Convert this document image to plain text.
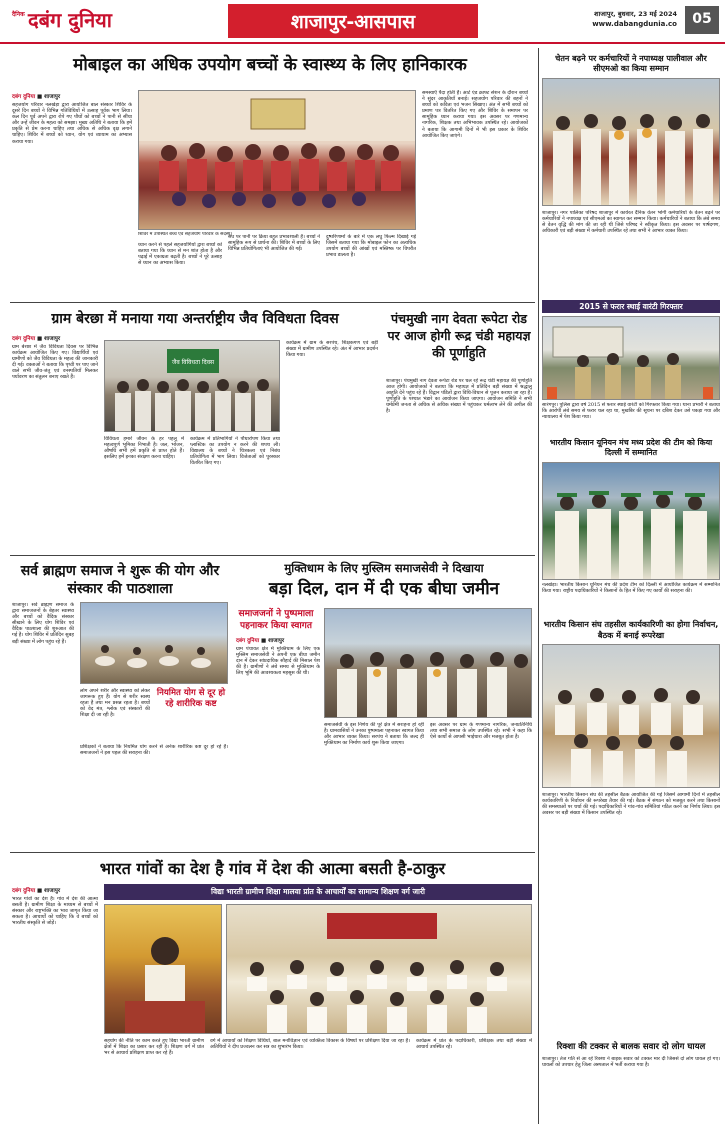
दैनिक दबंग दुनिया	शाजापुर-आसपास	शाजापुर, बुधवार, 23 मई 2024
www.dabangdunia.co	05
मोबाइल का अधिक उपयोग बच्चों के स्वास्थ्य के लिए हानिकारक
दबंग दुनिया ■ शाजापुर
सहजयोग परिवार नलखेड़ा द्वारा आयोजित बाल संस्कार शिविर के दूसरे दिन बच्चों ने विभिन्न गतिविधियों में उत्साह पूर्वक भाग लिया। कल दिन पूर्व अपने द्वारा रोपे गए पौधों को बच्चों ने पानी से सींचा और उन्हें जीवन के महत्व को समझा। मुख्य अतिथि ने बताया कि हमें प्रकृति से प्रेम करना चाहिए तथा अधिक से अधिक वृक्ष लगाने चाहिए। शिविर में बच्चों को ध्यान, योग एवं व्यायाम का अभ्यास कराया गया।
शिविर में उपस्थित बच्चे एवं सहजयोग परिवार के सदस्य।
ध्यान करने से पहले सहजयोगियों द्वारा बच्चों को बताया गया कि ध्यान से मन शांत होता है और पढ़ाई में एकाग्रता बढ़ती है। बच्चों ने पूरे उत्साह से ध्यान का अभ्यास किया।
संघ पर पानी पर क्रिया बहुत प्रभावशाली है। बच्चों ने सामूहिक रूप से प्रार्थना की। शिविर में बच्चों के लिए विभिन्न प्रतियोगिताएं भी आयोजित की गईं।
दुष्परिणामों के बारे में एक लघु फिल्म दिखाई गई जिसमें बताया गया कि मोबाइल फोन का अत्यधिक उपयोग बच्चों की आंखों एवं मस्तिष्क पर विपरीत प्रभाव डालता है।
समस्याएँ पैदा होती हैं। आर्ट एंड क्राफ्ट सेशन के दौरान बच्चों ने सुंदर आकृतियाँ बनाई। सहजयोग परिवार की बहनों ने बच्चों को कविता एवं भजन सिखाए। अंत में सभी बच्चों को प्रमाण पत्र वितरित किए गए और शिविर के समापन पर सामूहिक ध्यान कराया गया। इस अवसर पर गणमान्य नागरिक, शिक्षक तथा अभिभावक उपस्थित रहे। आयोजकों ने बताया कि आगामी दिनों में भी इस प्रकार के शिविर आयोजित किए जाएंगे।
ग्राम बेरछा में मनाया गया अन्तर्राष्ट्रीय जैव विविधता दिवस
दबंग दुनिया ■ शाजापुर
ग्राम बेरछा में जैव विविधता दिवस पर विभिन्न कार्यक्रम आयोजित किए गए। विद्यार्थियों एवं ग्रामीणों को जैव विविधता के महत्व की जानकारी दी गई। वक्ताओं ने बताया कि पृथ्वी पर पाए जाने वाले सभी जीव-जंतु एवं वनस्पतियाँ मिलकर पर्यावरण का संतुलन बनाए रखते हैं।
जैव विविधता दिवस
विविधता हमारे जीवन के हर पहलू में महत्वपूर्ण भूमिका निभाती है। जल, भोजन, औषधि सभी हमें प्रकृति से प्राप्त होते हैं। इसलिए हमें इनका संरक्षण करना चाहिए।
कार्यक्रम में प्रतिभागियों ने पौधारोपण किया तथा प्लास्टिक का उपयोग न करने की शपथ ली। विद्यालय के बच्चों ने चित्रकला एवं निबंध प्रतियोगिता में भाग लिया। विजेताओं को पुरस्कार वितरित किए गए।
कार्यक्रम में ग्राम के सरपंच, शिक्षकगण एवं बड़ी संख्या में ग्रामीण उपस्थित रहे। अंत में आभार प्रदर्शन किया गया।
पंचमुखी नाग देवता रूपेटा रोड पर आज होगी रूद्र चंडी महायज्ञ की पूर्णाहुति
शाजापुर। पंचमुखी नाग देवता रूपेटा रोड पर चल रहे रूद्र चंडी महायज्ञ की पूर्णाहुति आज होगी। आयोजकों ने बताया कि महायज्ञ में प्रतिदिन बड़ी संख्या में श्रद्धालु आहुति देने पहुंच रहे हैं। विद्वान पंडितों द्वारा विधि-विधान से पूजन कराया जा रहा है। पूर्णाहुति के पश्चात भंडारे का आयोजन किया जाएगा। आयोजन समिति ने सभी धर्मप्रेमी जनता से अधिक से अधिक संख्या में पहुंचकर धर्मलाभ लेने की अपील की है।
सर्व ब्राह्मण समाज ने शुरू की योग और संस्कार की पाठशाला
शाजापुर। सर्व ब्राह्मण समाज के द्वारा समाजजनों के बेहतर स्वास्थ्य और बच्चों को वैदिक संस्कार सीखाने के लिए योग शिविर एवं वैदिक पाठशाला की शुरुआत की गई है। योग शिविर में प्रतिदिन सुबह बड़ी संख्या में लोग पहुंच रहे हैं।
लोग अपने शरीर और स्वास्थ्य को लेकर जागरूक हुए हैं। योग से शरीर स्वस्थ रहता है तथा मन प्रसन्न रहता है। बच्चों को वेद मंत्र, श्लोक एवं संस्कारों की शिक्षा दी जा रही है।
नियमित योग से दूर हो रहे शारीरिक कष्ट
प्रशिक्षकों ने बताया कि नियमित योग करने से अनेक शारीरिक कष्ट दूर हो रहे हैं। समाजजनों ने इस पहल की सराहना की।
मुक्तिधाम के लिए मुस्लिम समाजसेवी ने दिखाया
बड़ा दिल, दान में दी एक बीघा जमीन
समाजजनों ने पुष्पमाला पहनाकर किया स्वागत
दबंग दुनिया ■ शाजापुर
ग्राम पंचायत क्षेत्र में मुक्तिधाम के लिए एक मुस्लिम समाजसेवी ने अपनी एक बीघा जमीन दान में देकर सांप्रदायिक सौहार्द की मिसाल पेश की है। ग्रामीणों ने लंबे समय से मुक्तिधाम के लिए भूमि की आवश्यकता महसूस की थी।
समाजसेवी के इस निर्णय की पूरे क्षेत्र में सराहना हो रही है। ग्रामवासियों ने उनका पुष्पमाला पहनाकर स्वागत किया और आभार व्यक्त किया। सरपंच ने बताया कि जल्द ही मुक्तिधाम का निर्माण कार्य शुरू किया जाएगा।
इस अवसर पर ग्राम के गणमान्य नागरिक, जनप्रतिनिधि तथा सभी समाज के लोग उपस्थित रहे। सभी ने कहा कि ऐसे कार्यों से आपसी भाईचारा और मजबूत होता है।
भारत गांवों का देश है गांव में देश की आत्मा बसती है-ठाकुर
दबंग दुनिया ■ शाजापुर
भारत गांवों का देश है। गांव में देश की आत्मा बसती है। ग्रामीण शिक्षा के माध्यम से बच्चों में संस्कार और राष्ट्रभक्ति का भाव जागृत किया जा सकता है। आचार्यों को चाहिए कि वे बच्चों को भारतीय संस्कृति से जोड़ें।
विद्या भारती ग्रामीण शिक्षा मालवा प्रांत के आचार्यों का सामान्य शिक्षण वर्ग जारी
सहयोग की नीति पर काम करते हुए विद्या भारती ग्रामीण क्षेत्रों में शिक्षा का प्रसार कर रही है। शिक्षण वर्ग में प्रांत भर से आचार्य प्रशिक्षण प्राप्त कर रहे हैं।
वर्ग में आचार्यों को शिक्षण विधियों, बाल मनोविज्ञान एवं व्यक्तित्व विकास के विषयों पर प्रशिक्षण दिया जा रहा है। अतिथियों ने दीप प्रज्वलन कर सत्र का शुभारंभ किया।
कार्यक्रम में प्रांत के पदाधिकारी, प्रशिक्षक तथा बड़ी संख्या में आचार्य उपस्थित रहे।
चेतन बढ़ने पर कर्मचारियों ने नपाध्यक्ष पालीवाल और सीएमओ का किया सम्मान
शाजापुर। नगर पालिका परिषद शाजापुर में कार्यरत दैनिक वेतन भोगी कर्मचारियों के वेतन बढ़ने पर कर्मचारियों ने नपाध्यक्ष एवं सीएमओ का स्वागत कर सम्मान किया। कर्मचारियों ने बताया कि लंबे समय से वेतन वृद्धि की मांग की जा रही थी जिसे परिषद ने स्वीकृत किया। इस अवसर पर पार्षदगण, अधिकारी एवं बड़ी संख्या में कर्मचारी उपस्थित रहे तथा सभी ने आभार व्यक्त किया।
2015 से फरार स्थाई वारंटी गिरफ्तार
सारंगपुर। पुलिस द्वारा वर्ष 2015 से फरार स्थाई वारंटी को गिरफ्तार किया गया। थाना प्रभारी ने बताया कि आरोपी लंबे समय से फरार चल रहा था, मुखबिर की सूचना पर दबिश देकर उसे पकड़ा गया और न्यायालय में पेश किया गया।
भारतीय किसान यूनियन मंच मध्य प्रदेश की टीम को किया दिल्ली में सम्मानित
नलखेड़ा। भारतीय किसान यूनियन मंच की प्रदेश टीम को दिल्ली में आयोजित कार्यक्रम में सम्मानित किया गया। राष्ट्रीय पदाधिकारियों ने किसानों के हित में किए गए कार्यों की सराहना की।
भारतीय किसान संघ तहसील कार्यकारिणी का होगा निर्वाचन, बैठक में बनाई रूपरेखा
शाजापुर। भारतीय किसान संघ की तहसील बैठक आयोजित की गई जिसमें आगामी दिनों में तहसील कार्यकारिणी के निर्वाचन की रूपरेखा तैयार की गई। बैठक में संगठन को मजबूत करने तथा किसानों की समस्याओं पर चर्चा की गई। पदाधिकारियों ने गांव-गांव समितियां गठित करने का निर्णय लिया। इस अवसर पर बड़ी संख्या में किसान उपस्थित रहे।
रिक्शा की टक्कर से बालक सवार दो लोग घायल
शाजापुर। तेज गति से आ रहे रिक्शा ने बाइक सवार को टक्कर मार दी जिससे दो लोग घायल हो गए। घायलों को उपचार हेतु जिला अस्पताल में भर्ती कराया गया है।
